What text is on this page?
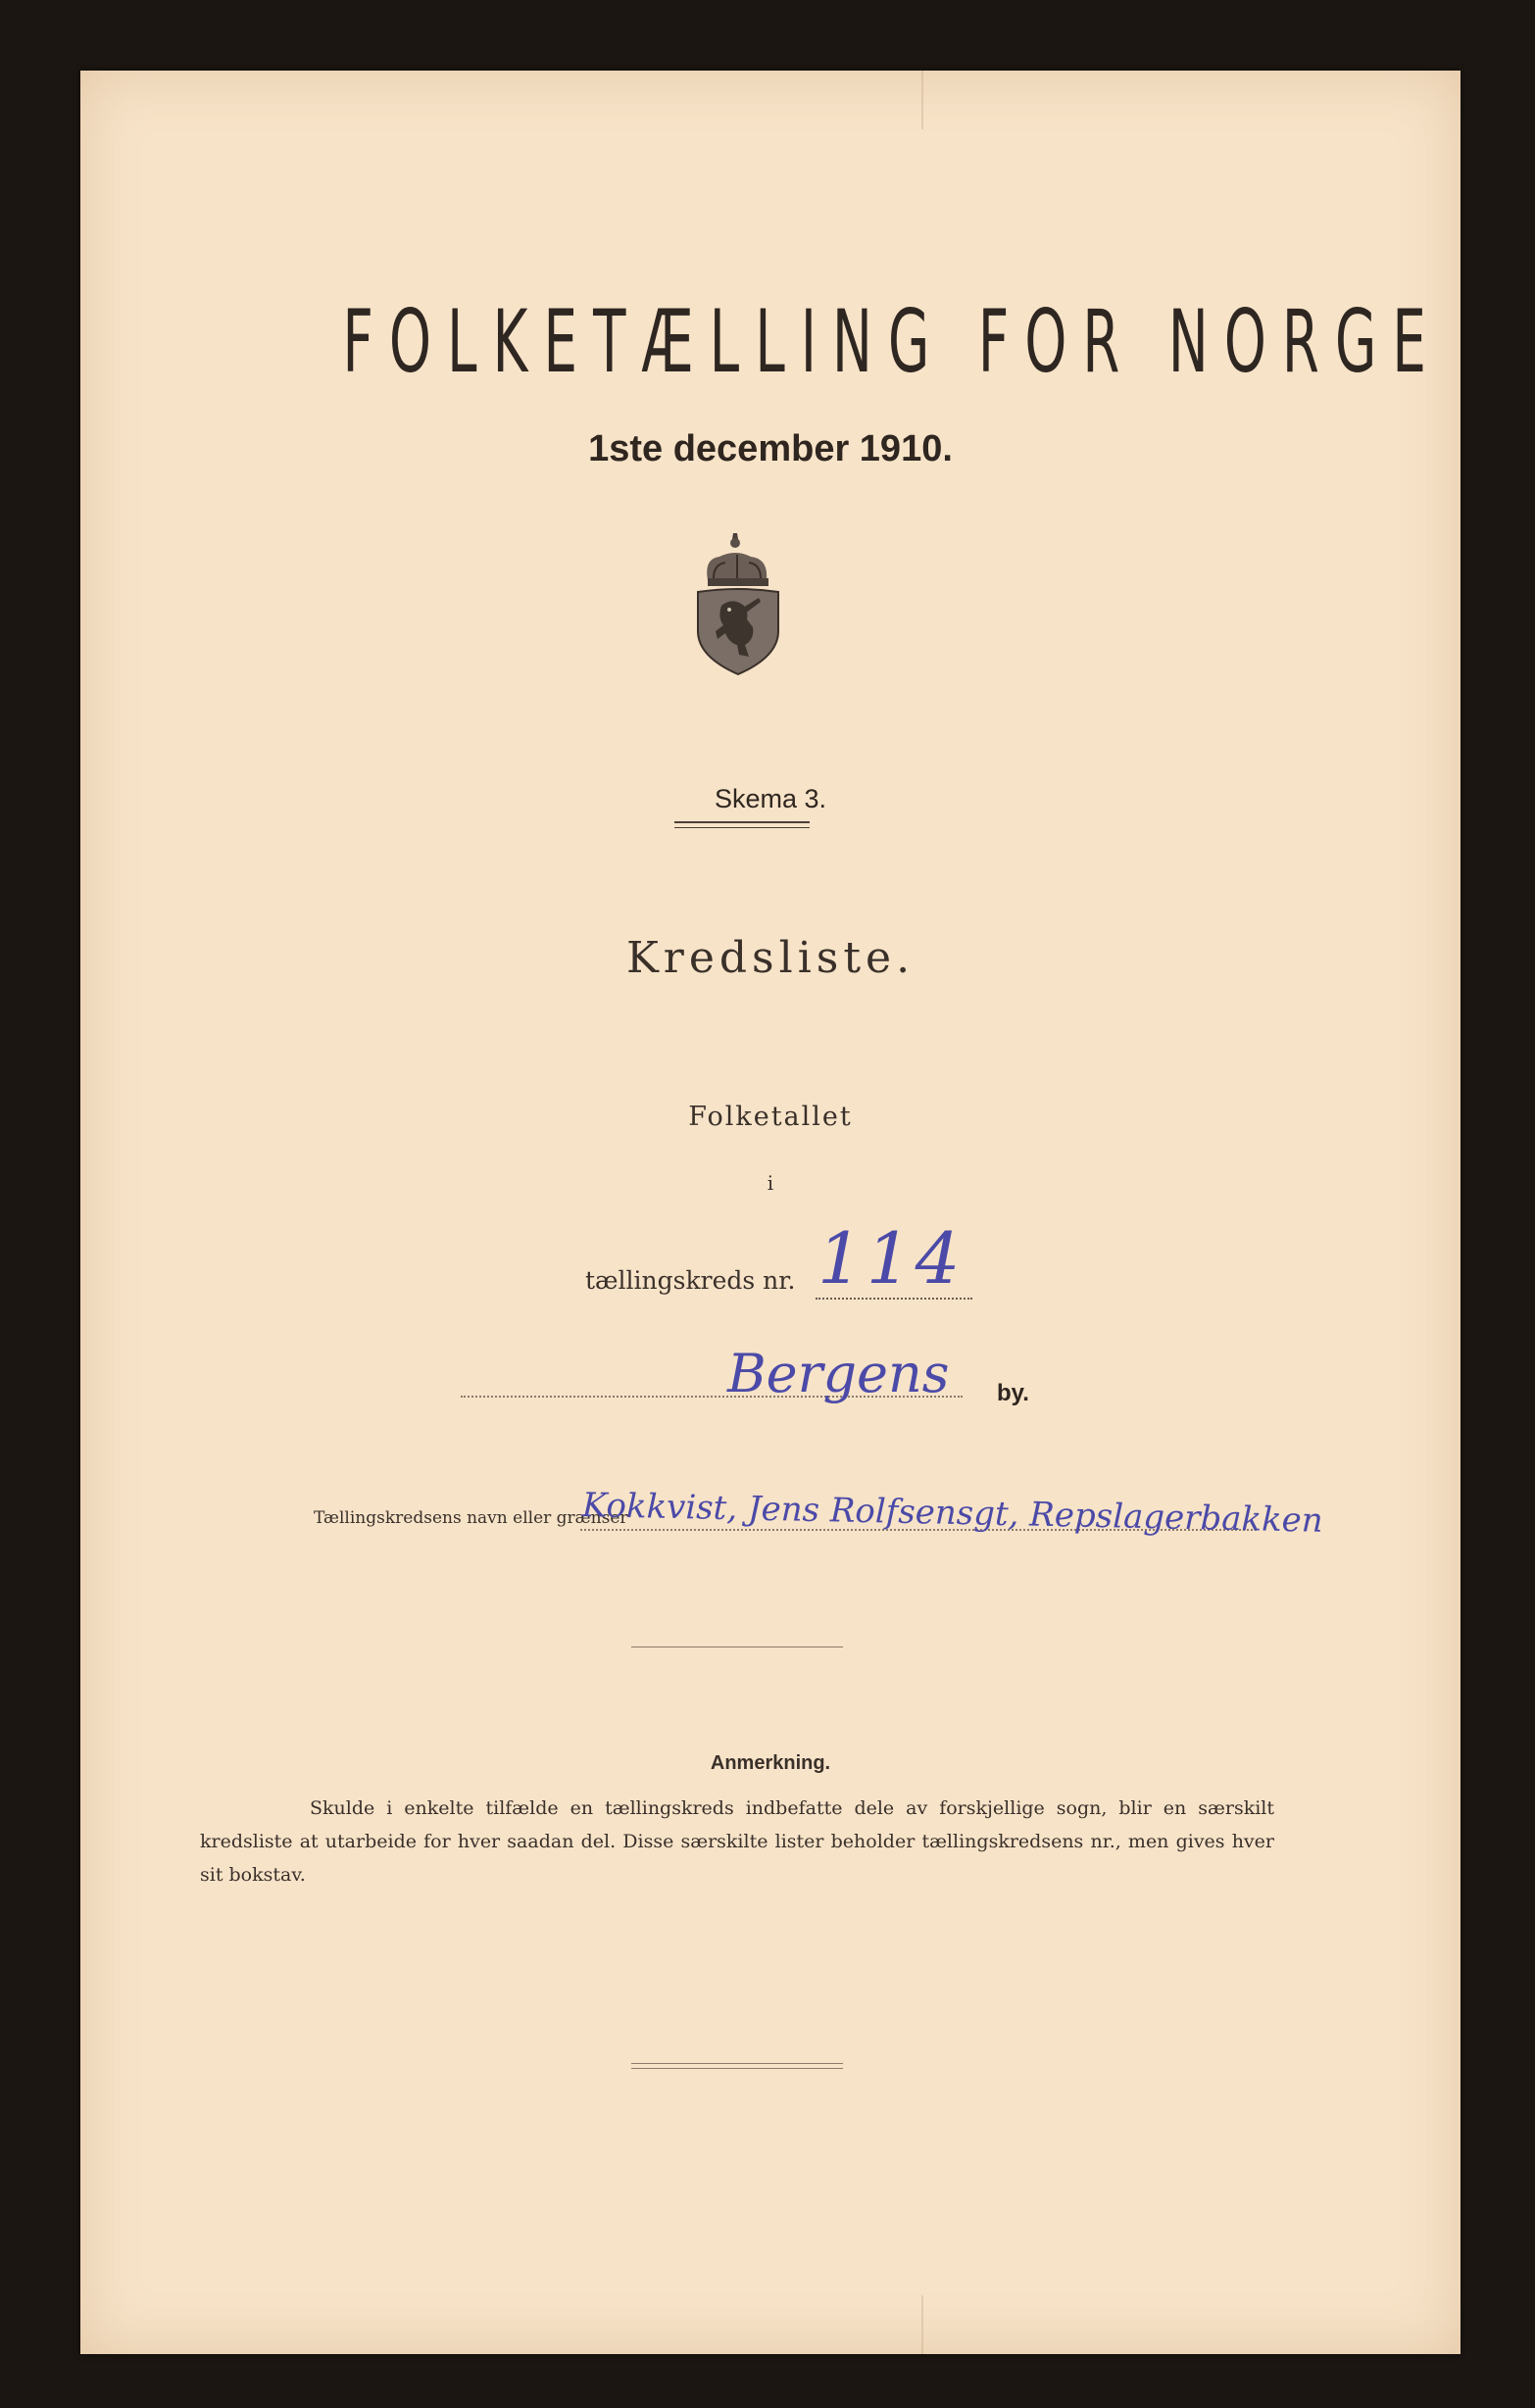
FOLKETÆLLING FOR NORGE
1ste december 1910.
Skema 3.
Kredsliste.
Folketallet
i
tællingskreds nr. 114
Bergens by.
Tællingskredsens navn eller grænser
Kokkvist, Jens Rolfsensgt, Repslagerbakken
Anmerkning.
Skulde i enkelte tilfælde en tællingskreds indbefatte dele av forskjellige sogn, blir en særskilt kredsliste at utarbeide for hver saadan del. Disse særskilte lister beholder tællingskredsens nr., men gives hver sit bokstav.
